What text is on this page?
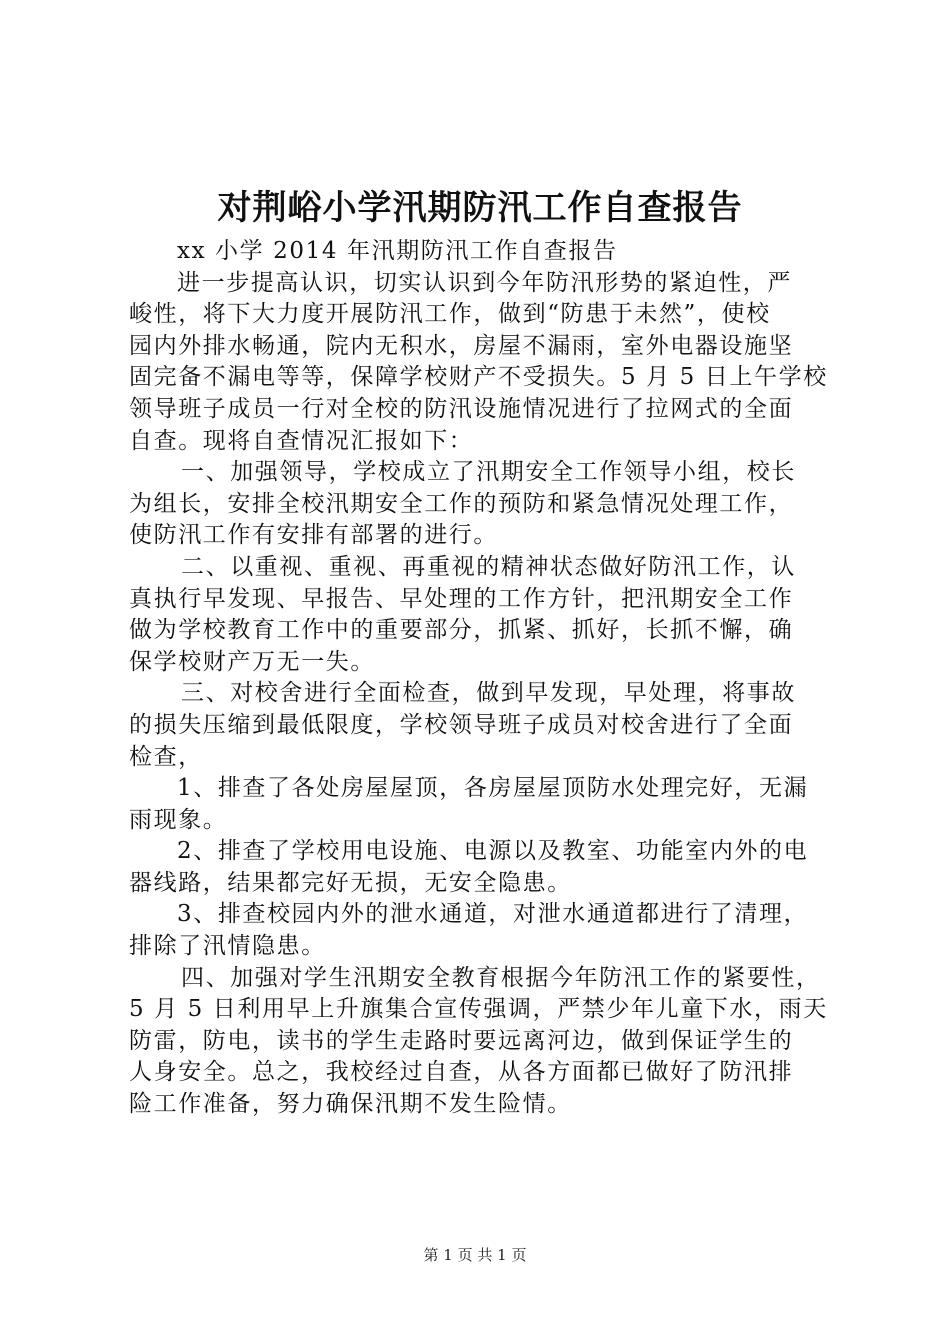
对荆峪小学汛期防汛工作自查报告
xx 小学 2014 年汛期防汛工作自查报告
进一步提高认识，切实认识到今年防汛形势的紧迫性，严
峻性，将下大力度开展防汛工作，做到“防患于未然”，使校
园内外排水畅通，院内无积水，房屋不漏雨，室外电器设施坚
固完备不漏电等等，保障学校财产不受损失。5 月 5 日上午学校
领导班子成员一行对全校的防汛设施情况进行了拉网式的全面
自查。现将自查情况汇报如下：
一、加强领导，学校成立了汛期安全工作领导小组，校长
为组长，安排全校汛期安全工作的预防和紧急情况处理工作，
使防汛工作有安排有部署的进行。
二、以重视、重视、再重视的精神状态做好防汛工作，认
真执行早发现、早报告、早处理的工作方针，把汛期安全工作
做为学校教育工作中的重要部分，抓紧、抓好，长抓不懈，确
保学校财产万无一失。
三、对校舍进行全面检查，做到早发现，早处理，将事故
的损失压缩到最低限度，学校领导班子成员对校舍进行了全面
检查，
1、排查了各处房屋屋顶，各房屋屋顶防水处理完好，无漏
雨现象。
2、排查了学校用电设施、电源以及教室、功能室内外的电
器线路，结果都完好无损，无安全隐患。
3、排查校园内外的泄水通道，对泄水通道都进行了清理，
排除了汛情隐患。
四、加强对学生汛期安全教育根据今年防汛工作的紧要性，
5 月 5 日利用早上升旗集合宣传强调，严禁少年儿童下水，雨天
防雷，防电，读书的学生走路时要远离河边，做到保证学生的
人身安全。总之，我校经过自查，从各方面都已做好了防汛排
险工作准备，努力确保汛期不发生险情。
第 1 页 共 1 页
